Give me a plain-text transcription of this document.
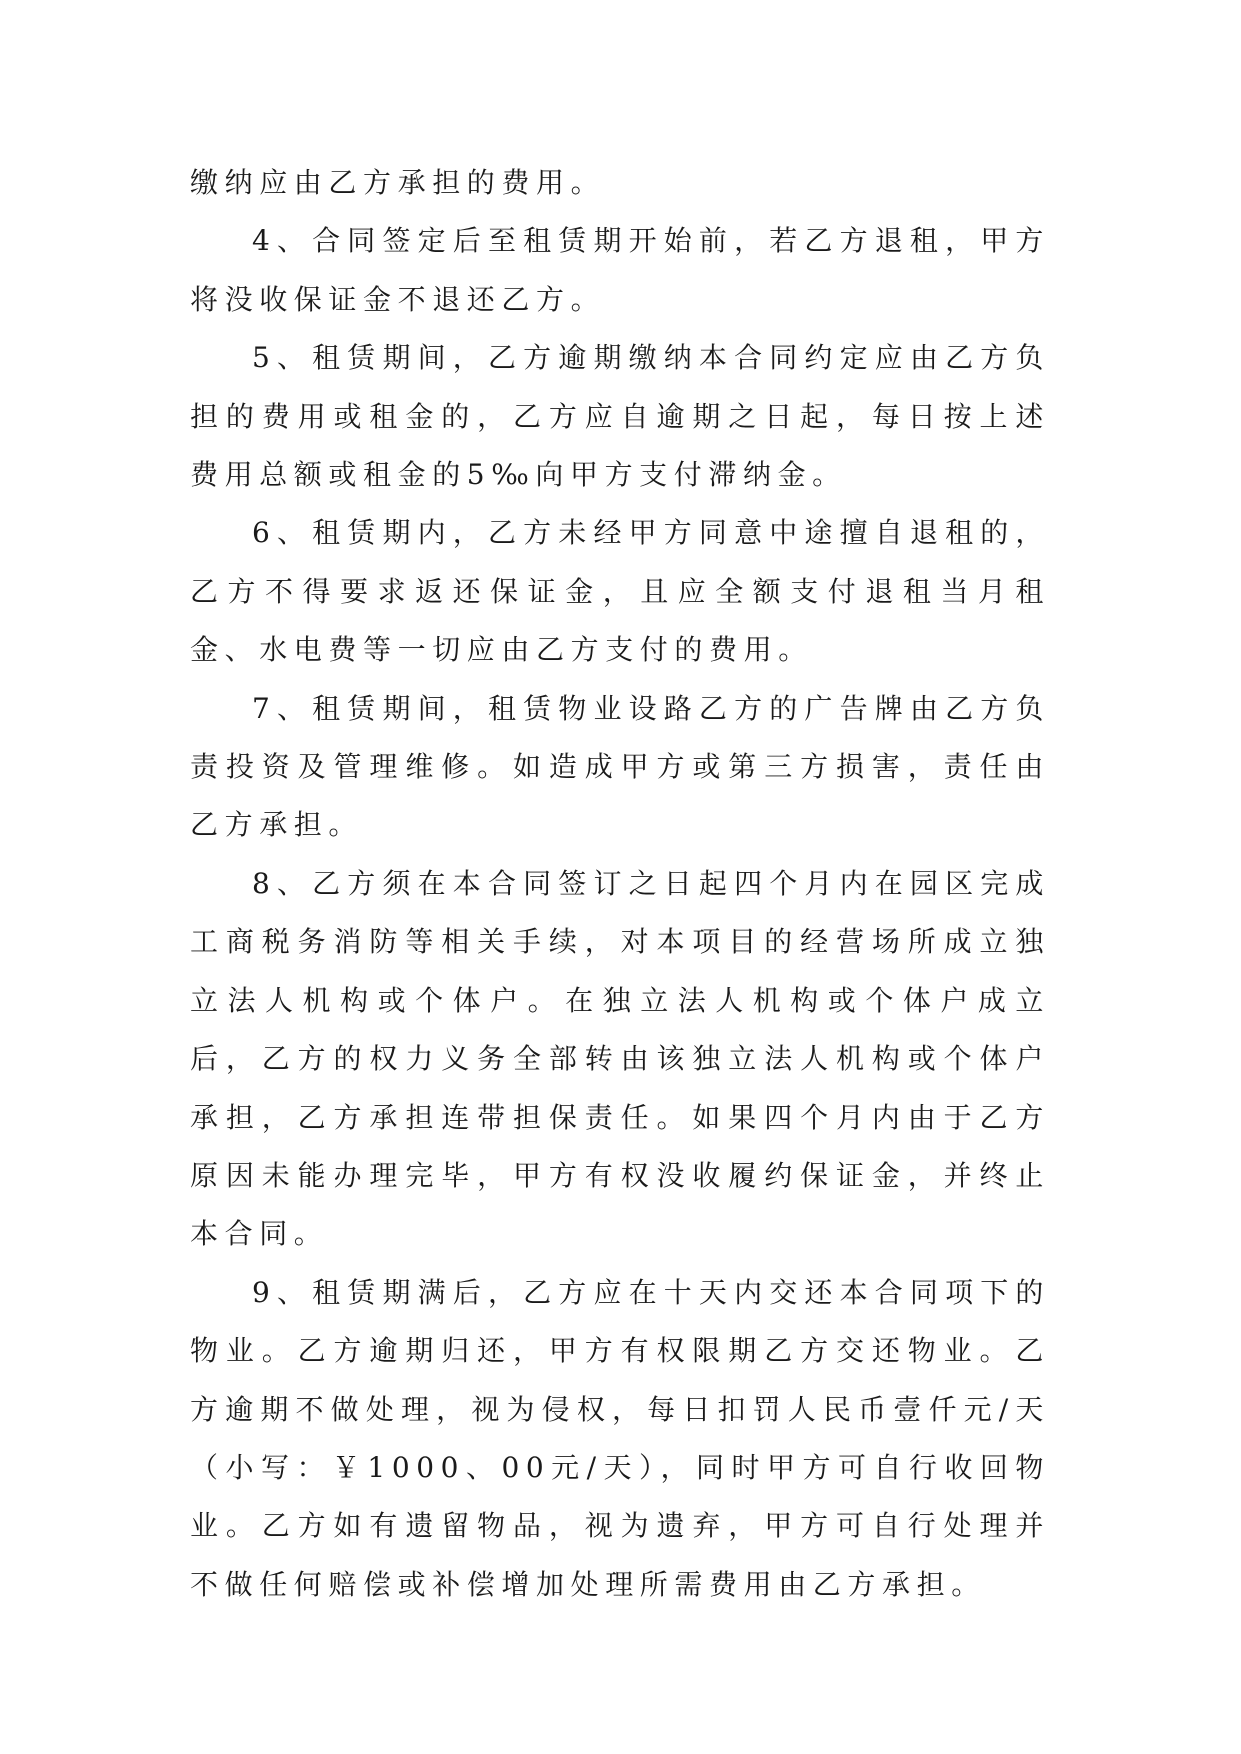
缴纳应由乙方承担的费用。

4、合同签定后至租赁期开始前，若乙方退租，甲方将没收保证金不退还乙方。

5、租赁期间，乙方逾期缴纳本合同约定应由乙方负担的费用或租金的，乙方应自逾期之日起，每日按上述费用总额或租金的5‰向甲方支付滞纳金。

6、租赁期内，乙方未经甲方同意中途擅自退租的，乙方不得要求返还保证金，且应全额支付退租当月租金、水电费等一切应由乙方支付的费用。

7、租赁期间，租赁物业设路乙方的广告牌由乙方负责投资及管理维修。如造成甲方或第三方损害，责任由乙方承担。

8、乙方须在本合同签订之日起四个月内在园区完成工商税务消防等相关手续，对本项目的经营场所成立独立法人机构或个体户。在独立法人机构或个体户成立后，乙方的权力义务全部转由该独立法人机构或个体户承担，乙方承担连带担保责任。如果四个月内由于乙方原因未能办理完毕，甲方有权没收履约保证金，并终止本合同。

9、租赁期满后，乙方应在十天内交还本合同项下的物业。乙方逾期归还，甲方有权限期乙方交还物业。乙方逾期不做处理，视为侵权，每日扣罚人民币壹仟元/天（小写：￥1000、00元/天），同时甲方可自行收回物业。乙方如有遗留物品，视为遗弃，甲方可自行处理并不做任何赔偿或补偿增加处理所需费用由乙方承担。
